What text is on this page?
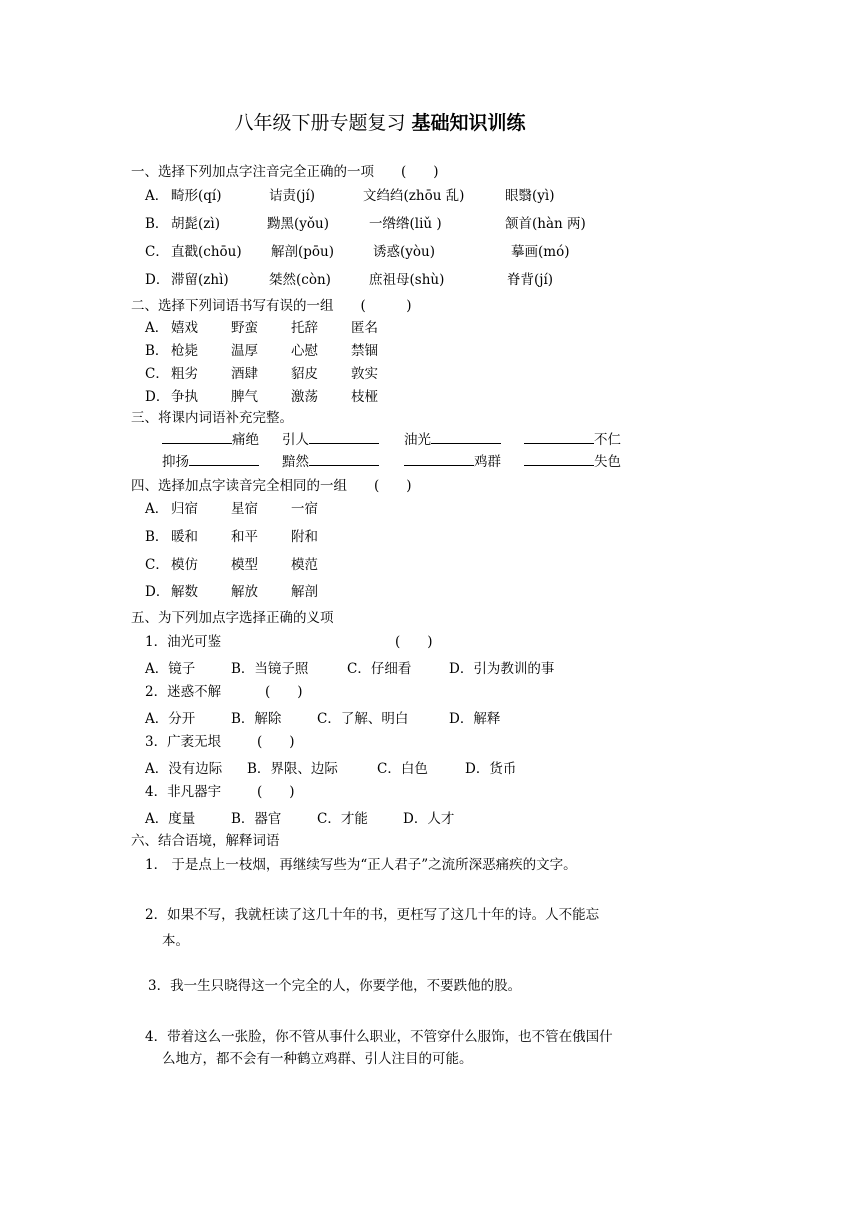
八年级下册专题复习 基础知识训练
一、选择下列加点字注音完全正确的一项　　(　　)
A． 畸形(qí)	诘责(jí)	文绉绉(zhōu 乱)	眼翳(yì)
B． 胡髭(zì)	黝黑(yǒu)	一绺绺(liǔ )	颔首(hàn 两)
C． 直戳(chōu) 解剖(pōu)	诱惑(yòu)	摹画(mó)
D． 滞留(zhì)	桀然(còn)	庶祖母(shù)	脊背(jí)
二、选择下列词语书写有误的一组　　(　　　)
A． 嬉戏 野蛮 托辞 匿名
B． 枪毙 温厚 心慰 禁锢
C． 粗劣 酒肆 貂皮 敦实
D． 争执 脾气 激荡 枝桠
三、将课内词语补充完整。
痛绝 引人	油光	不仁
抑扬	黯然	鸡群	失色
四、选择加点字读音完全相同的一组　　(　　)
A． 归宿 星宿 一宿
B． 暖和 和平 附和
C． 模仿 模型 模范
D． 解数 解放 解剖
五、为下列加点字选择正确的义项
1．油光可鉴	(　　)
A．镜子	B．当镜子照	C．仔细看	D．引为教训的事
2．迷惑不解	(　　)
A．分开	B．解除	C．了解、明白	D．解释
3．广袤无垠	(　　)
A．没有边际 B．界限、边际	C．白色	D．货币
4．非凡器宇	(　　)
A．度量	B．器官	C．才能	D．人才
六、结合语境，解释词语
1． 于是点上一枝烟，再继续写些为“正人君子”之流所深恶痛疾的文字。
2．如果不写，我就枉读了这几十年的书，更枉写了这几十年的诗。人不能忘
本。
3．我一生只晓得这一个完全的人，你要学他，不要跌他的股。
4．带着这么一张脸，你不管从事什么职业，不管穿什么服饰，也不管在俄国什
么地方，都不会有一种鹤立鸡群、引人注目的可能。
